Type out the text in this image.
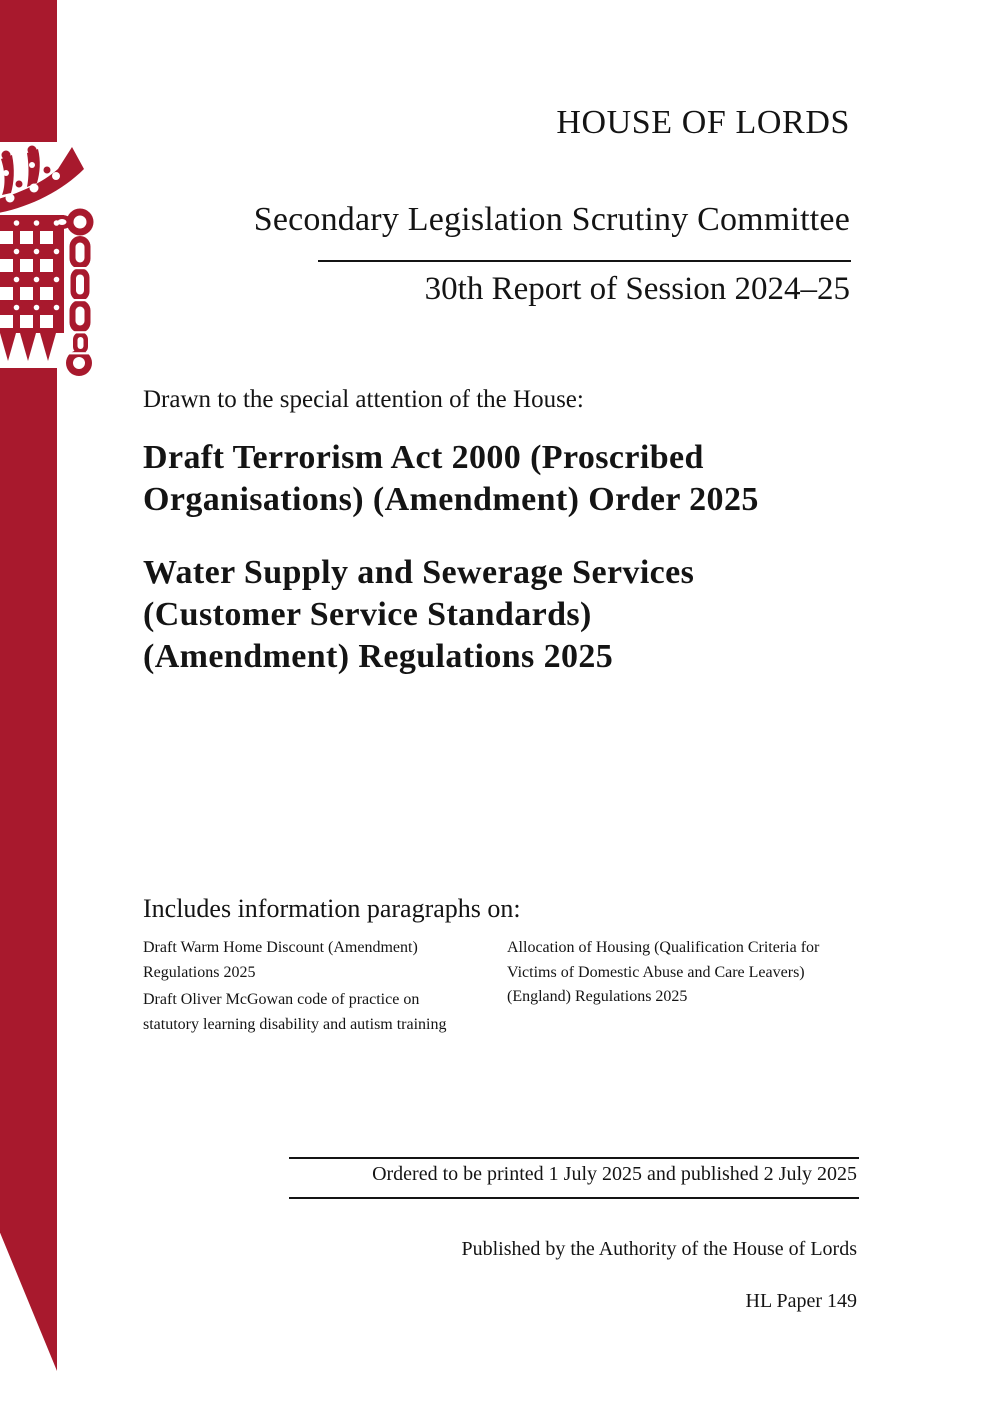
HOUSE OF LORDS
Secondary Legislation Scrutiny Committee
30th Report of Session 2024–25
Drawn to the special attention of the House:
Draft Terrorism Act 2000 (Proscribed
Organisations) (Amendment) Order 2025
Water Supply and Sewerage Services
(Customer Service Standards)
(Amendment) Regulations 2025
Includes information paragraphs on:

Draft Warm Home Discount (Amendment)
Regulations 2025

Draft Oliver McGowan code of practice on
statutory learning disability and autism training

Allocation of Housing (Qualification Criteria for
Victims of Domestic Abuse and Care Leavers)
(England) Regulations 2025

Ordered to be printed 1 July 2025 and published 2 July 2025
Published by the Authority of the House of Lords
HL Paper 149
